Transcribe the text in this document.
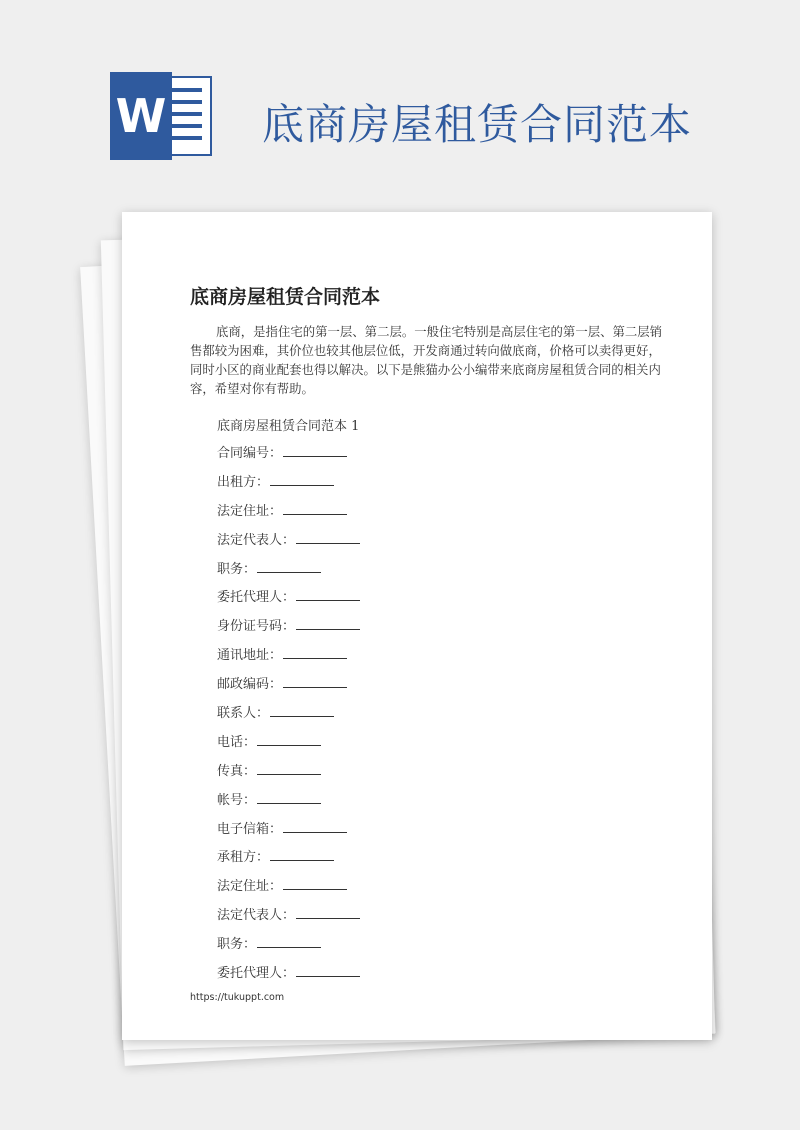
W 底商房屋租赁合同范本
底商房屋租赁合同范本

底商，是指住宅的第一层、第二层。一般住宅特别是高层住宅的第一层、第二层销售都较为困难，其价位也较其他层位低，开发商通过转向做底商，价格可以卖得更好，同时小区的商业配套也得以解决。以下是熊猫办公小编带来底商房屋租赁合同的相关内容，希望对你有帮助。

底商房屋租赁合同范本 1
合同编号：
出租方：
法定住址：
法定代表人：
职务：
委托代理人：
身份证号码：
通讯地址：
邮政编码：
联系人：
电话：
传真：
帐号：
电子信箱：
承租方：
法定住址：
法定代表人：
职务：
委托代理人：
https://tukuppt.com
